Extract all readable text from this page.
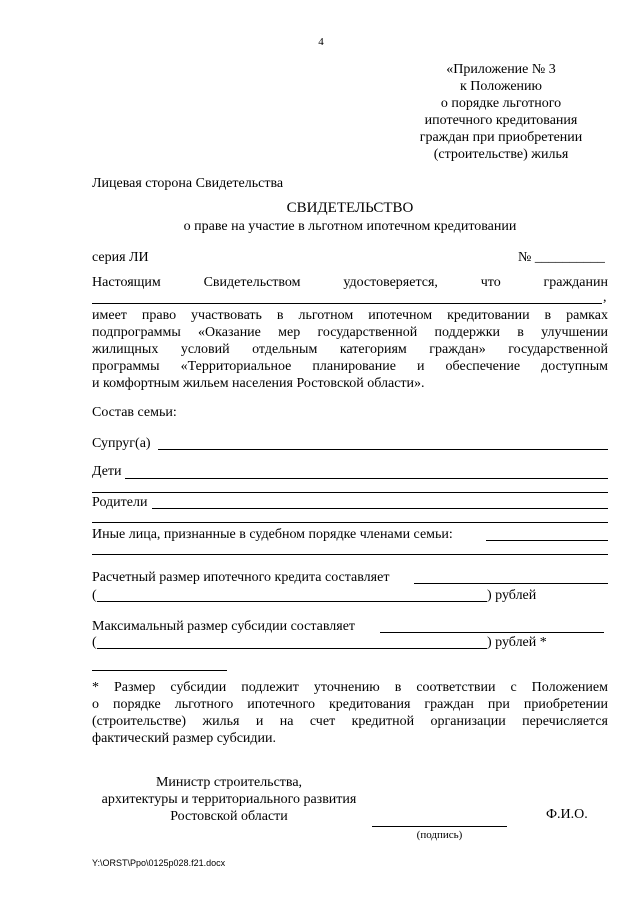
4
«Приложение № 3
к Положению
о порядке льготного
ипотечного кредитования
граждан при приобретении
(строительстве) жилья
Лицевая сторона Свидетельства
СВИДЕТЕЛЬСТВО
о праве на участие в льготном ипотечном кредитовании
серия ЛИ	№ __________
Настоящим	Свидетельством	удостоверяется,	что	гражданин
,
имеет право участвовать в льготном ипотечном кредитовании в рамках
подпрограммы «Оказание мер государственной поддержки в улучшении
жилищных условий отдельным категориям граждан» государственной
программы «Территориальное планирование и обеспечение доступным
и комфортным жильем населения Ростовской области».
Состав семьи:
Супруг(а)
Дети
Родители
Иные лица, признанные в судебном порядке членами семьи:
Расчетный размер ипотечного кредита составляет
(	) рублей
Максимальный размер субсидии составляет
(	) рублей *
* Размер субсидии подлежит уточнению в соответствии с Положением
о порядке льготного ипотечного кредитования граждан при приобретении
(строительстве) жилья и на счет кредитной организации перечисляется
фактический размер субсидии.
Министр строительства,
архитектуры и территориального развития
Ростовской области
(подпись)
Ф.И.О.
Y:\ORST\Ppo\0125p028.f21.docx
